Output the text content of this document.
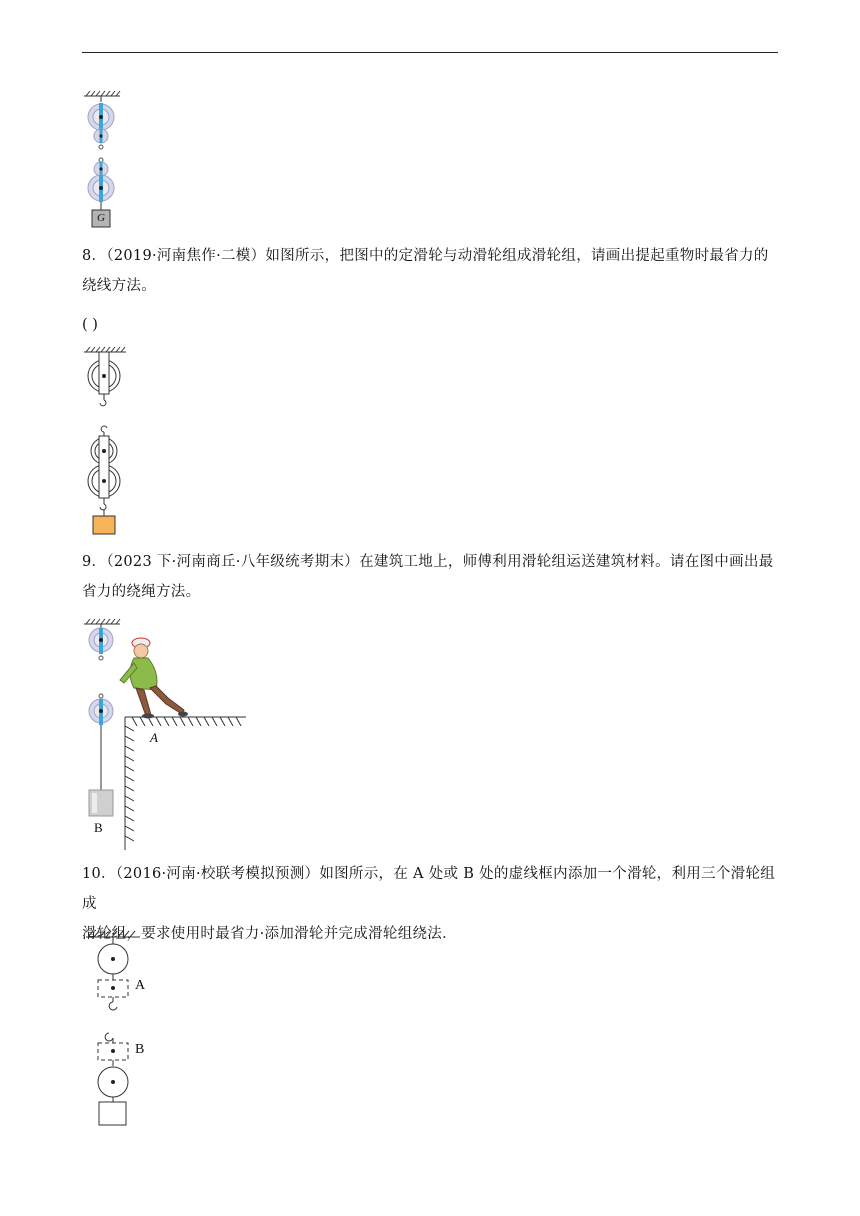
G

8．（2019·河南焦作·二模）如图所示，把图中的定滑轮与动滑轮组成滑轮组，请画出提起重物时最省力的

绕线方法。

( )

9．（2023 下·河南商丘·八年级统考期末）在建筑工地上，师傅利用滑轮组运送建筑材料。请在图中画出最

省力的绕绳方法。

A
B

10．（2016·河南·校联考模拟预测）如图所示，在 A 处或 B 处的虚线框内添加一个滑轮，利用三个滑轮组成

滑轮组，要求使用时最省力·添加滑轮并完成滑轮组绕法．

A
B
